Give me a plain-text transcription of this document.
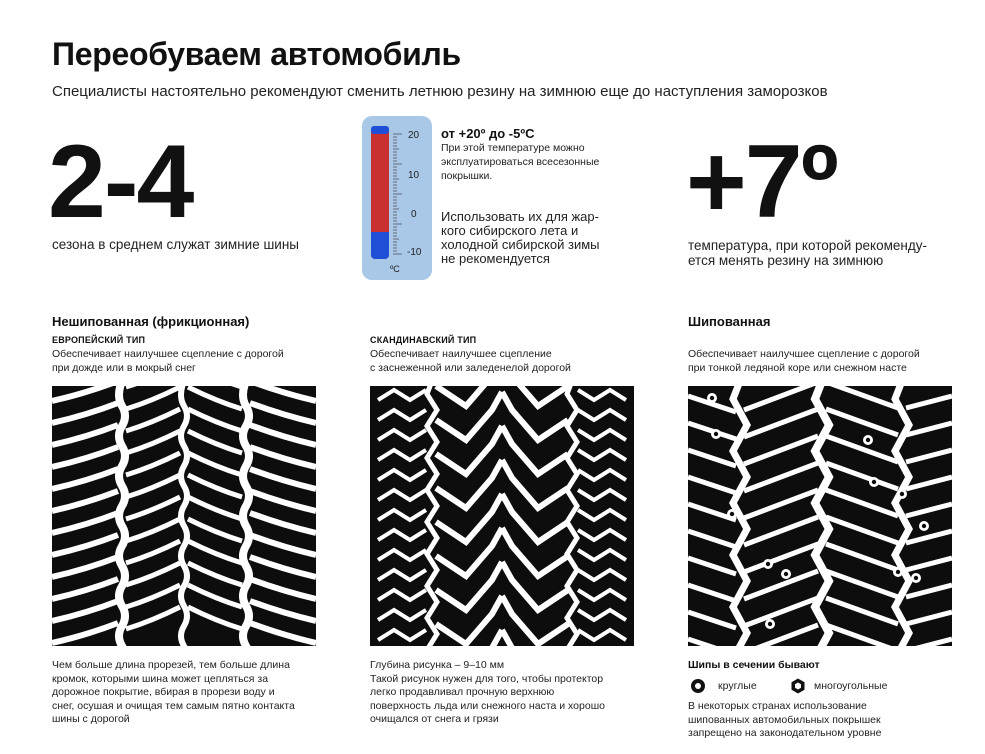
Переобуваем автомобиль
Специалисты настоятельно рекомендуют сменить летнюю резину на зимнюю еще до наступления заморозков
2-4
сезона в среднем служат зимние шины
20
10
0
-10
ºC
от +20º до -5ºC
При этой температуре можно
эксплуатироваться всесезонные
покрышки.
Использовать их для жар-
кого сибирского лета и
холодной сибирской зимы
не рекомендуется
+7º
температура, при которой рекоменду-
ется менять резину на зимнюю
Нешипованная (фрикционная)
ЕВРОПЕЙСКИЙ ТИП
Обеспечивает наилучшее сцепление с дорогой
при дожде или в мокрый снег
Чем больше длина прорезей, тем больше длина
кромок, которыми шина может цепляться за
дорожное покрытие, вбирая в прорези воду и
снег, осушая и очищая тем самым пятно контакта
шины с дорогой
СКАНДИНАВСКИЙ ТИП
Обеспечивает наилучшее сцепление
с заснеженной или заледенелой дорогой
Глубина рисунка – 9–10 мм
Такой рисунок нужен для того, чтобы протектор
легко продавливал прочную верхнюю
поверхность льда или снежного наста и хорошо
очищался от снега и грязи
Шипованная
Обеспечивает наилучшее сцепление с дорогой
при тонкой ледяной коре или снежном насте
Шипы в сечении бывают
круглые	многоугольные
В некоторых странах использование
шипованных автомобильных покрышек
запрещено на законодательном уровне
